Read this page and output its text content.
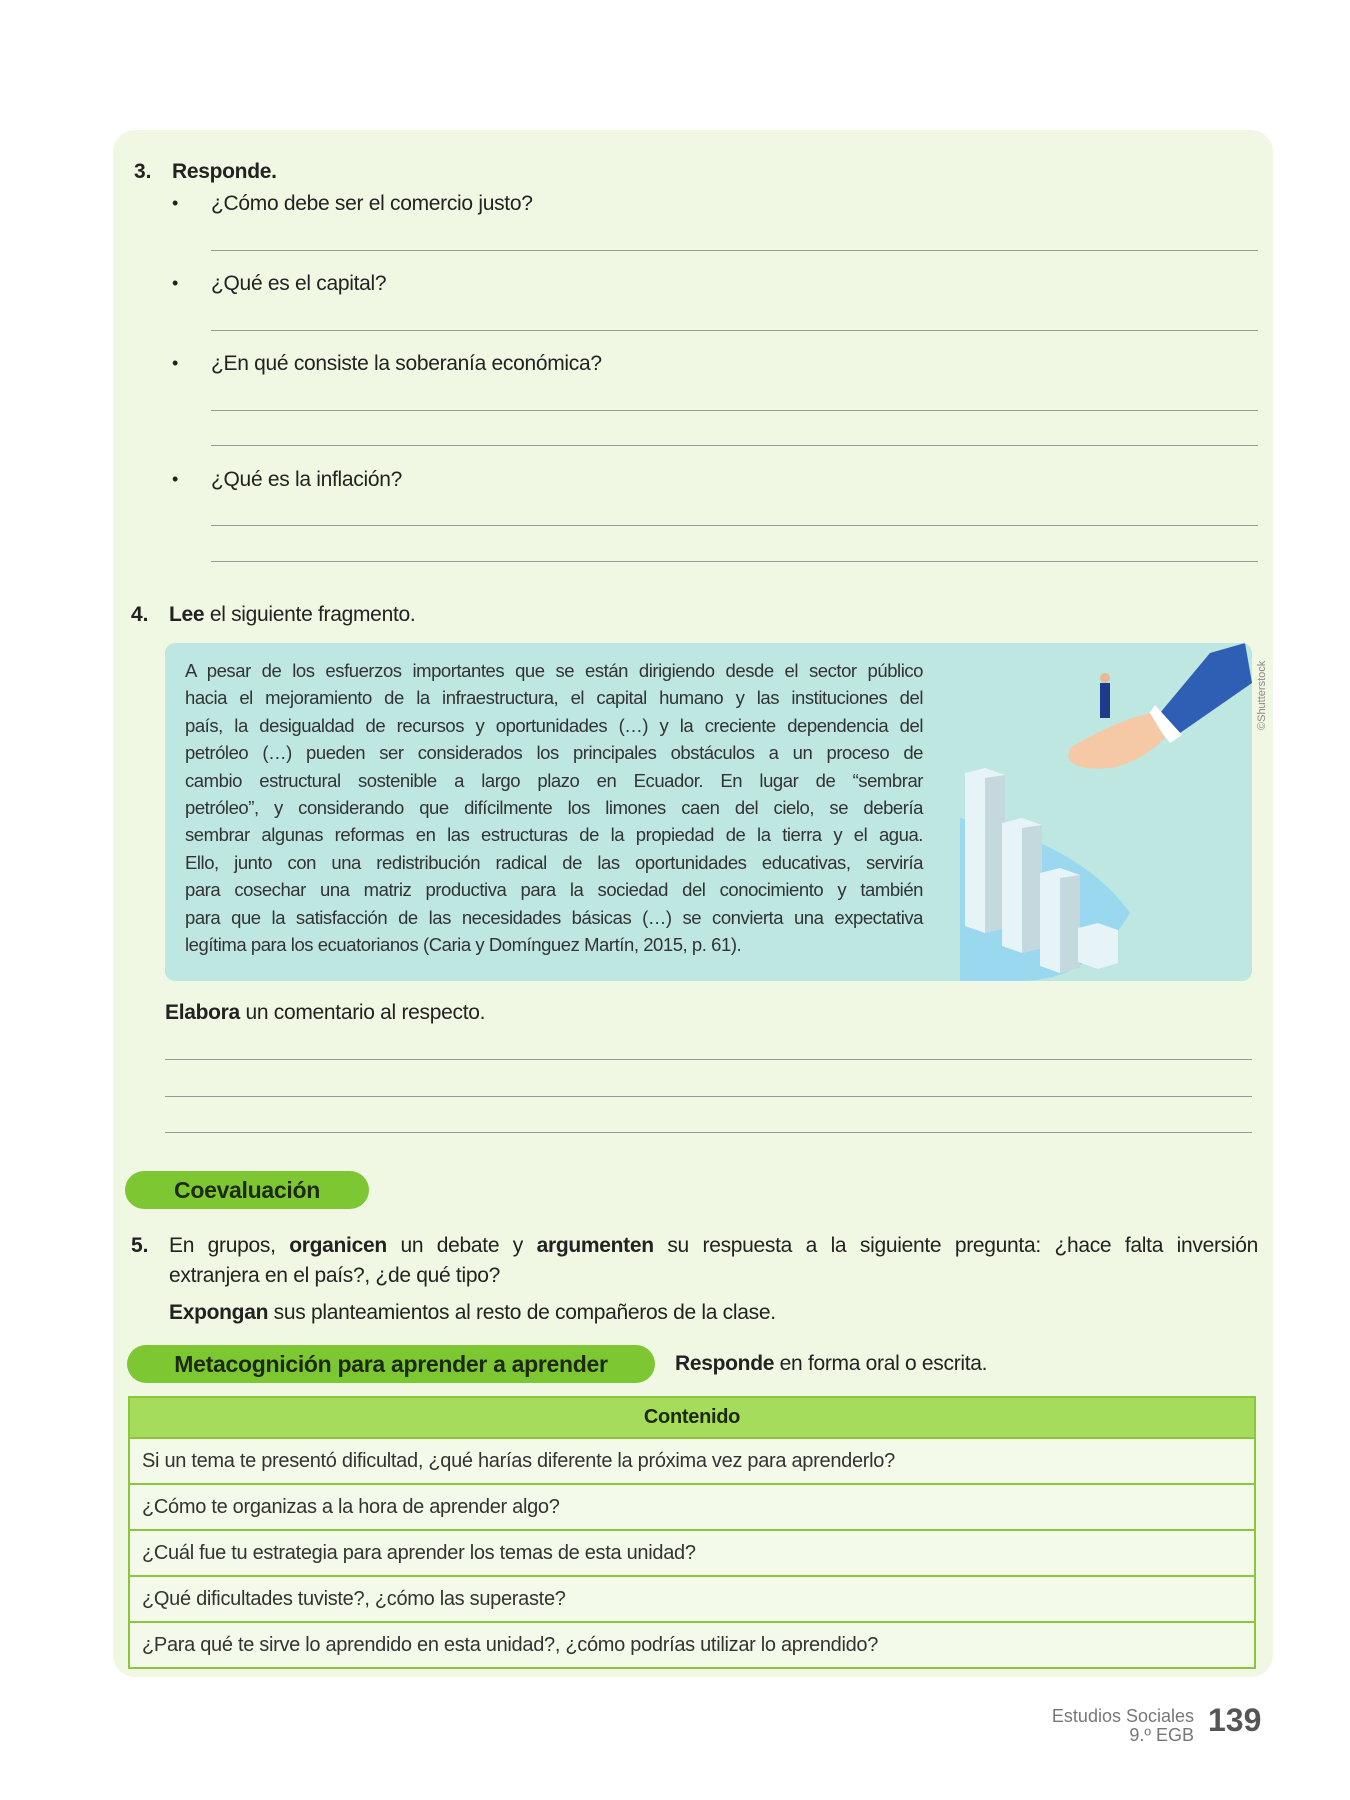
3. Responde.
• ¿Cómo debe ser el comercio justo?
• ¿Qué es el capital?
• ¿En qué consiste la soberanía económica?
• ¿Qué es la inflación?
4. Lee el siguiente fragmento.
A pesar de los esfuerzos importantes que se están dirigiendo desde el sector público
hacia el mejoramiento de la infraestructura, el capital humano y las instituciones del
país, la desigualdad de recursos y oportunidades (…) y la creciente dependencia del
petróleo (…) pueden ser considerados los principales obstáculos a un proceso de
cambio estructural sostenible a largo plazo en Ecuador. En lugar de “sembrar
petróleo”, y considerando que difícilmente los limones caen del cielo, se debería
sembrar algunas reformas en las estructuras de la propiedad de la tierra y el agua.
Ello, junto con una redistribución radical de las oportunidades educativas, serviría
para cosechar una matriz productiva para la sociedad del conocimiento y también
para que la satisfacción de las necesidades básicas (…) se convierta una expectativa
legítima para los ecuatorianos (Caria y Domínguez Martín, 2015, p. 61).
©Shutterstock
Elabora un comentario al respecto.
Coevaluación
5. En grupos, organicen un debate y argumenten su respuesta a la siguiente pregunta: ¿hace falta inversión
extranjera en el país?, ¿de qué tipo?
Expongan sus planteamientos al resto de compañeros de la clase.
Metacognición para aprender a aprender	Responde en forma oral o escrita.
Contenido
Si un tema te presentó dificultad, ¿qué harías diferente la próxima vez para aprenderlo?
¿Cómo te organizas a la hora de aprender algo?
¿Cuál fue tu estrategia para aprender los temas de esta unidad?
¿Qué dificultades tuviste?, ¿cómo las superaste?
¿Para qué te sirve lo aprendido en esta unidad?, ¿cómo podrías utilizar lo aprendido?
Estudios Sociales
9.º EGB 139
